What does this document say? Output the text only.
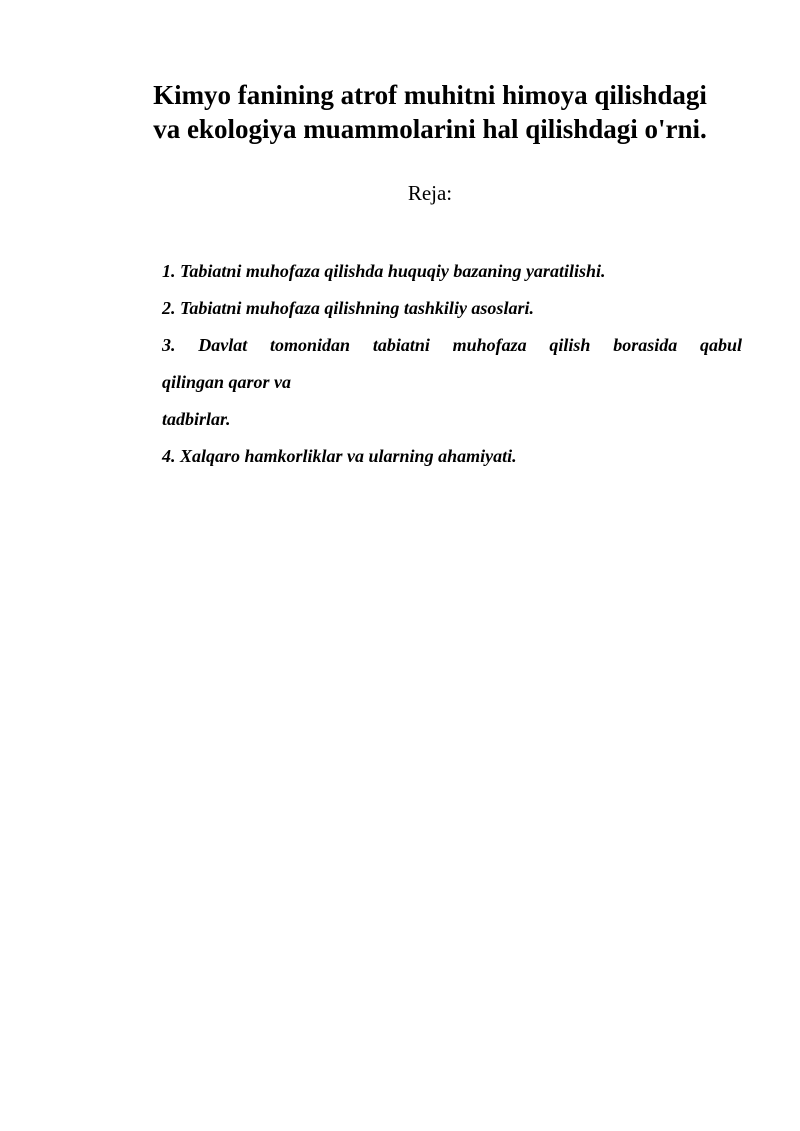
Kimyo fanining atrof muhitni himoya qilishdagi
va ekologiya muammolarini hal qilishdagi o'rni.

Reja:

1. Tabiatni muhofaza qilishda huquqiy bazaning yaratilishi.
2. Tabiatni muhofaza qilishning tashkiliy asoslari.
3. Davlat tomonidan tabiatni muhofaza qilish borasida qabul
qilingan qaror va
tadbirlar.
4. Xalqaro hamkorliklar va ularning ahamiyati.
